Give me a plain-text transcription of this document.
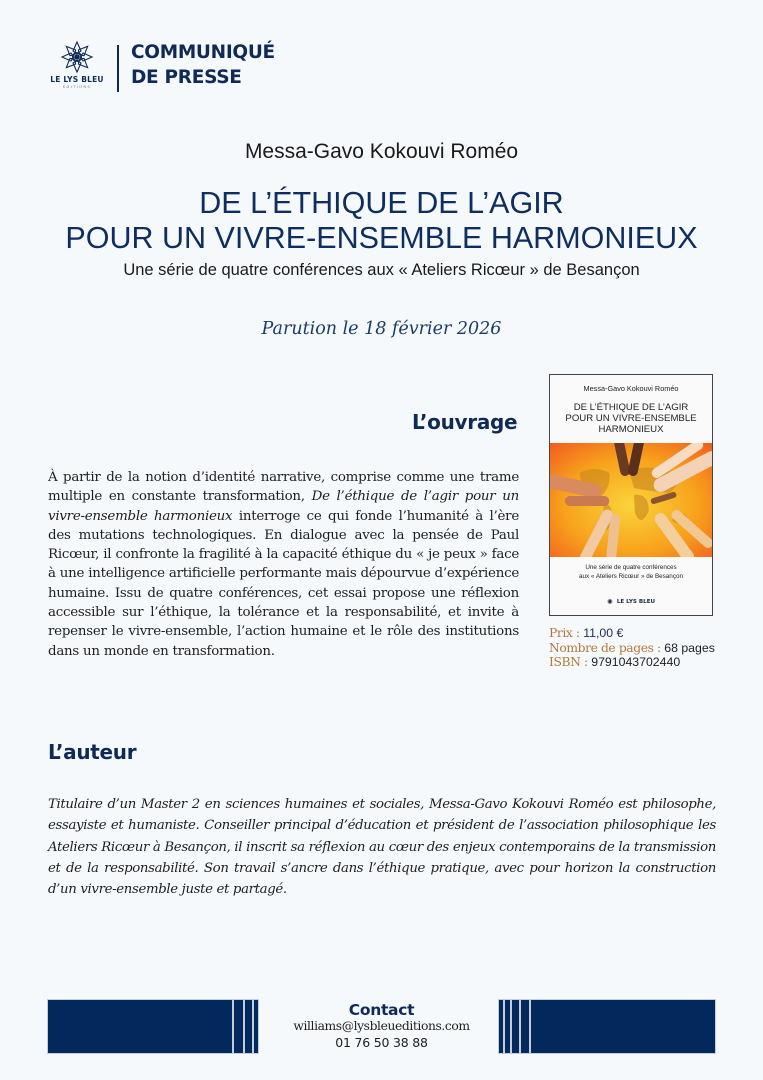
LE LYS BLEU
ÉDITIONS
COMMUNIQUÉ
DE PRESSE
Messa-Gavo Kokouvi Roméo
DE L’ÉTHIQUE DE L’AGIR
POUR UN VIVRE-ENSEMBLE HARMONIEUX
Une série de quatre conférences aux « Ateliers Ricœur » de Besançon
Parution le 18 février 2026
L’ouvrage
À partir de la notion d’identité narrative, comprise comme une trame multiple en constante transformation, De l’éthique de l’agir pour un vivre-ensemble harmonieux interroge ce qui fonde l’humanité à l’ère des mutations technologiques. En dialogue avec la pensée de Paul Ricœur, il confronte la fragilité à la capacité éthique du « je peux » face à une intelligence artificielle performante mais dépourvue d’expérience humaine. Issu de quatre conférences, cet essai propose une réflexion accessible sur l’éthique, la tolérance et la responsabilité, et invite à repenser le vivre-ensemble, l’action humaine et le rôle des institutions dans un monde en transformation.
Messa-Gavo Kokouvi Roméo
DE L’ÉTHIQUE DE L’AGIR
POUR UN VIVRE-ENSEMBLE
HARMONIEUX
Une série de quatre conférences
aux « Ateliers Ricœur » de Besançon
✺ LE LYS BLEU
Prix : 11,00 €
Nombre de pages : 68 pages
ISBN : 9791043702440
L’auteur
Titulaire d’un Master 2 en sciences humaines et sociales, Messa-Gavo Kokouvi Roméo est philosophe, essayiste et humaniste. Conseiller principal d’éducation et président de l’association philosophique les Ateliers Ricœur à Besançon, il inscrit sa réflexion au cœur des enjeux contemporains de la transmission et de la responsabilité. Son travail s’ancre dans l’éthique pratique, avec pour horizon la construction d’un vivre-ensemble juste et partagé.
Contact
williams@lysbleueditions.com
01 76 50 38 88
